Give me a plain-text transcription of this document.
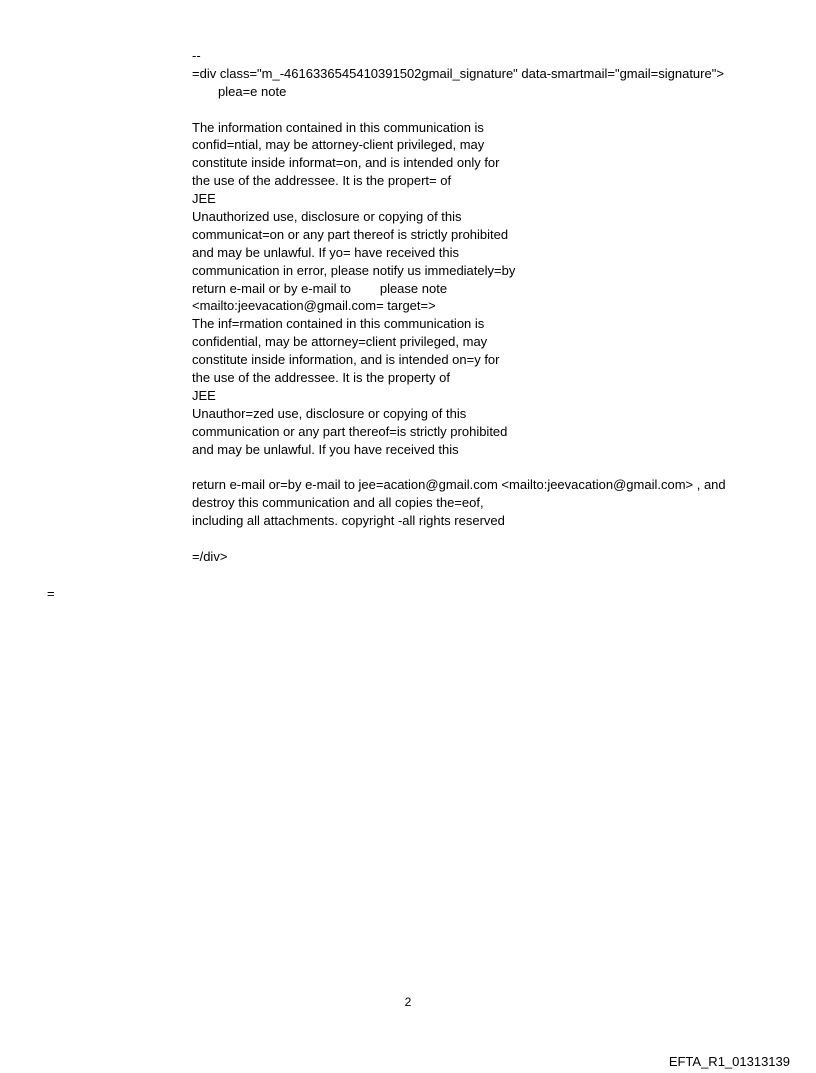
--
=div class="m_-4616336545410391502gmail_signature" data-smartmail="gmail=signature">
plea=e note
The information contained in this communication is
confid=ntial, may be attorney-client privileged, may
constitute inside informat=on, and is intended only for
the use of the addressee. It is the propert= of
JEE
Unauthorized use, disclosure or copying of this
communicat=on or any part thereof is strictly prohibited
and may be unlawful. If yo= have received this
communication in error, please notify us immediately=by
return e-mail or by e-mail to        please note
<mailto:jeevacation@gmail.com= target=>
The inf=rmation contained in this communication is
confidential, may be attorney=client privileged, may
constitute inside information, and is intended on=y for
the use of the addressee. It is the property of
JEE
Unauthor=zed use, disclosure or copying of this
communication or any part thereof=is strictly prohibited
and may be unlawful. If you have received this
return e-mail or=by e-mail to jee=acation@gmail.com <mailto:jeevacation@gmail.com> , and
destroy this communication and all copies the=eof,
including all attachments. copyright -all rights reserved
=/div>
=
2
EFTA_R1_01313139
